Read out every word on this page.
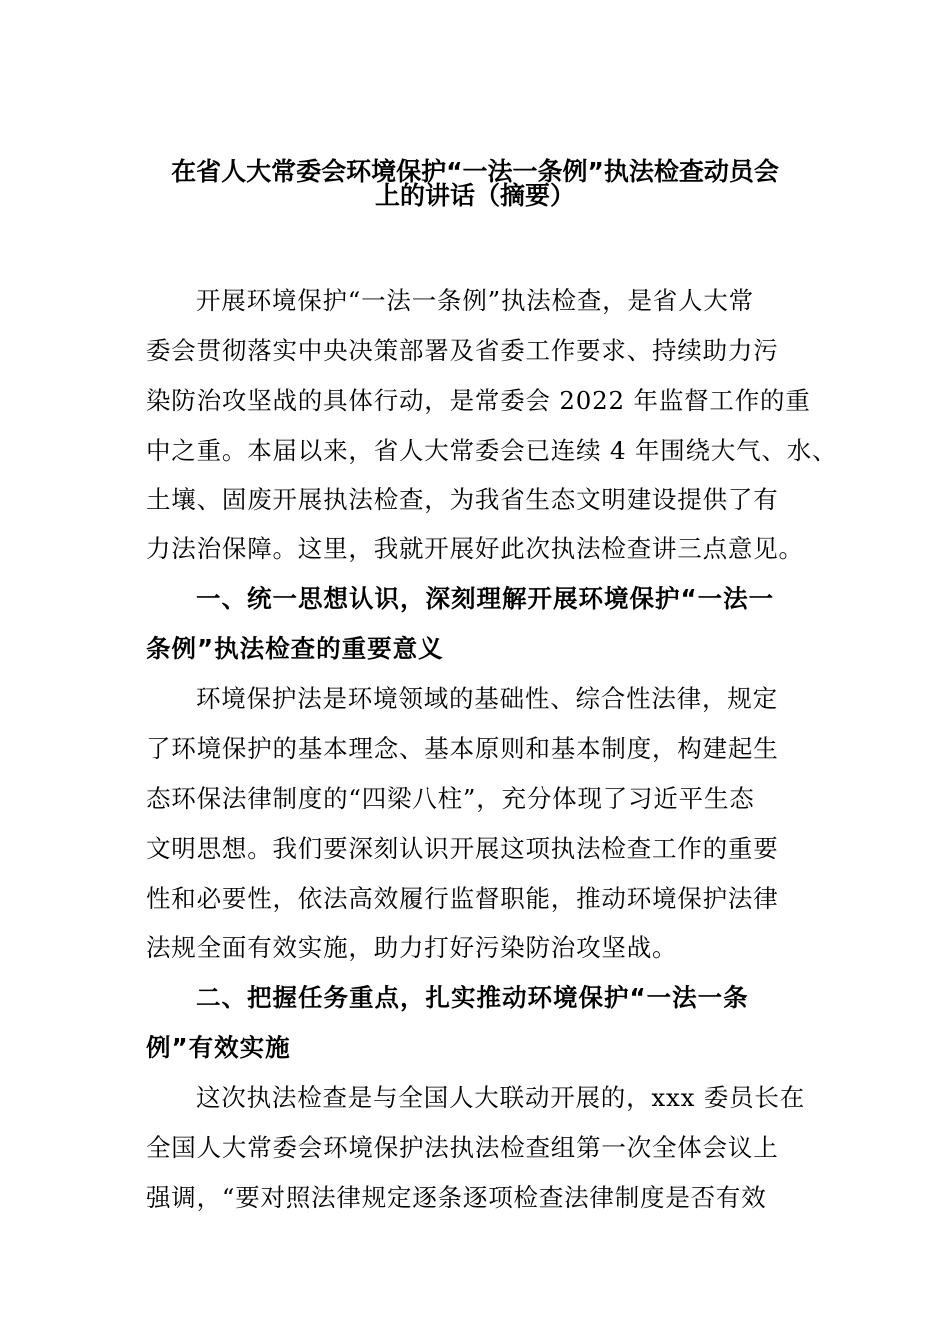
在省人大常委会环境保护“一法一条例”执法检查动员会
上的讲话（摘要）
开展环境保护“一法一条例”执法检查，是省人大常
委会贯彻落实中央决策部署及省委工作要求、持续助力污
染防治攻坚战的具体行动，是常委会 2022 年监督工作的重
中之重。本届以来，省人大常委会已连续 4 年围绕大气、水、
土壤、固废开展执法检查，为我省生态文明建设提供了有
力法治保障。这里，我就开展好此次执法检查讲三点意见。
一、统一思想认识，深刻理解开展环境保护“一法一
条例”执法检查的重要意义
环境保护法是环境领域的基础性、综合性法律，规定
了环境保护的基本理念、基本原则和基本制度，构建起生
态环保法律制度的“四梁八柱”，充分体现了习近平生态
文明思想。我们要深刻认识开展这项执法检查工作的重要
性和必要性，依法高效履行监督职能，推动环境保护法律
法规全面有效实施，助力打好污染防治攻坚战。
二、把握任务重点，扎实推动环境保护“一法一条
例”有效实施
这次执法检查是与全国人大联动开展的，xxx 委员长在
全国人大常委会环境保护法执法检查组第一次全体会议上
强调，“要对照法律规定逐条逐项检查法律制度是否有效
